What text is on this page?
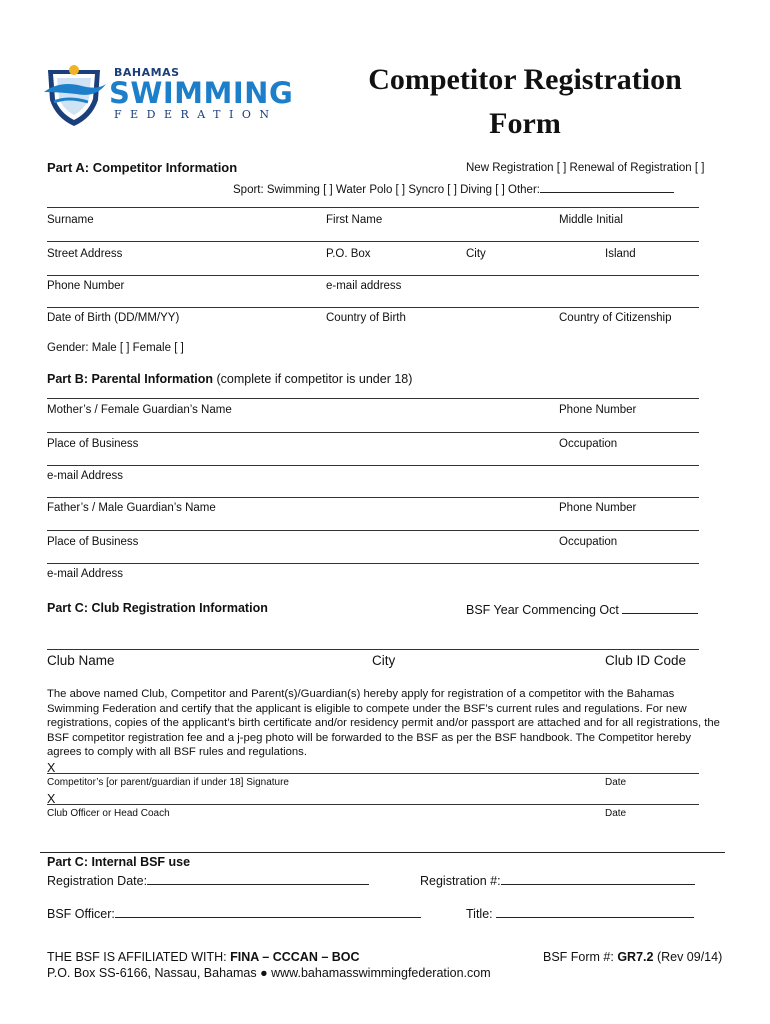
BAHAMAS
SWIMMING
FEDERATION
Competitor Registration
Form
Part A: Competitor Information	New Registration [ ] Renewal of Registration [ ]
Sport: Swimming [ ] Water Polo [ ] Syncro [ ] Diving [ ] Other:
Surname	First Name	Middle Initial
Street Address	P.O. Box	City	Island
Phone Number	e-mail address
Date of Birth (DD/MM/YY)	Country of Birth	Country of Citizenship
Gender: Male [ ] Female [ ]
Part B: Parental Information (complete if competitor is under 18)
Mother’s / Female Guardian’s Name	Phone Number
Place of Business	Occupation
e-mail Address
Father’s / Male Guardian’s Name	Phone Number
Place of Business	Occupation
e-mail Address
Part C: Club Registration Information	BSF Year Commencing Oct
Club Name	City	Club ID Code
The above named Club, Competitor and Parent(s)/Guardian(s) hereby apply for registration of a competitor with the Bahamas Swimming Federation and certify that the applicant is eligible to compete under the BSF’s current rules and regulations. For new registrations, copies of the applicant’s birth certificate and/or residency permit and/or passport are attached and for all registrations, the BSF competitor registration fee and a j-peg photo will be forwarded to the BSF as per the BSF handbook. The Competitor hereby agrees to comply with all BSF rules and regulations.
X
Competitor’s [or parent/guardian if under 18] Signature	Date
X
Club Officer or Head Coach	Date
Part C: Internal BSF use
Registration Date:	Registration #:
BSF Officer:	Title:
THE BSF IS AFFILIATED WITH: FINA – CCCAN – BOC
P.O. Box SS-6166, Nassau, Bahamas ● www.bahamasswimmingfederation.com
BSF Form #: GR7.2 (Rev 09/14)
